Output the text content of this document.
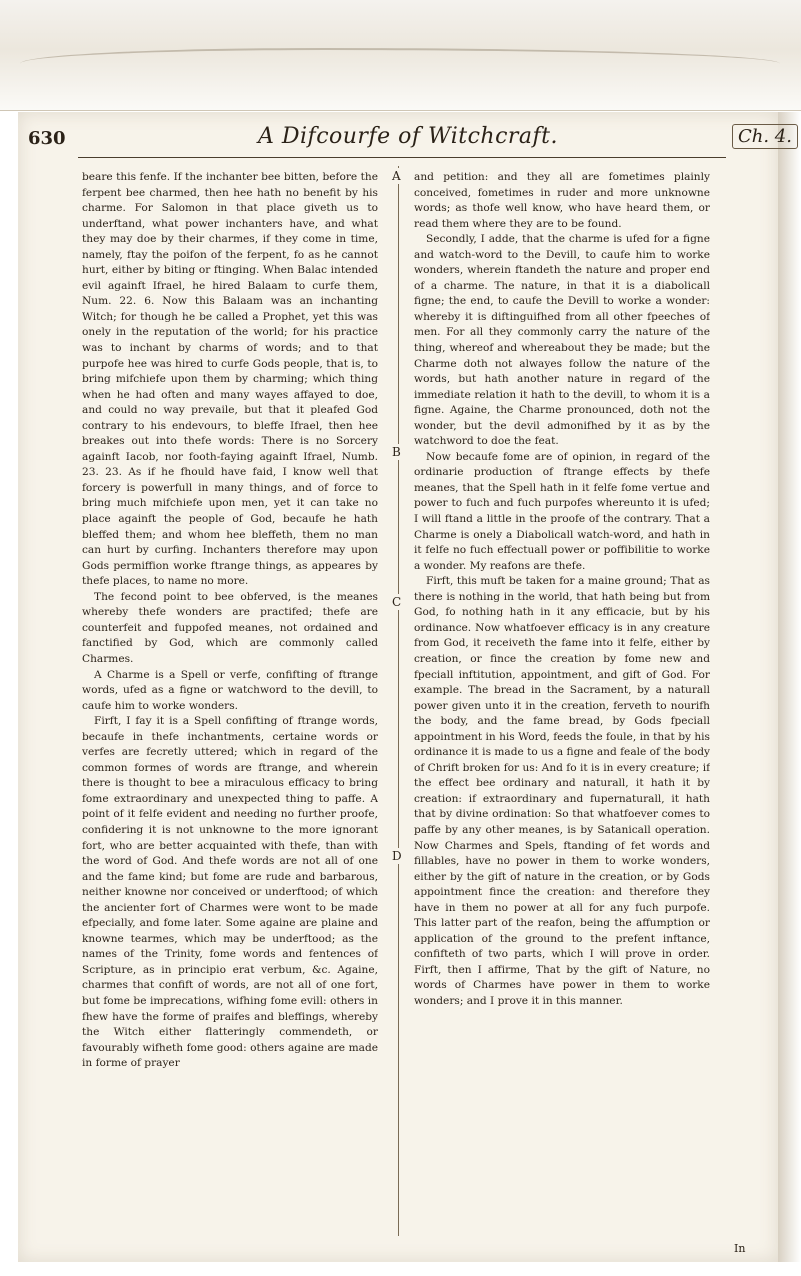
630	A Difcourfe of Witchcraft.	Ch. 4.

beare this fenfe. If the inchanter bee bitten, before the ferpent bee charmed, then hee hath no benefit by his charme. For Salomon in that place giveth us to underftand, what power inchanters have, and what they may doe by their charmes, if they come in time, namely, ftay the poifon of the ferpent, fo as he cannot hurt, either by biting or ftinging. When Balac intended evil againft Ifrael, he hired Balaam to curfe them, Num. 22. 6. Now this Balaam was an inchanting Witch; for though he be called a Prophet, yet this was onely in the reputation of the world; for his practice was to inchant by charms of words; and to that purpofe hee was hired to curfe Gods people, that is, to bring mifchiefe upon them by charming; which thing when he had often and many wayes affayed to doe, and could no way prevaile, but that it pleafed God contrary to his endevours, to bleffe Ifrael, then hee breakes out into thefe words: There is no Sorcery againft Iacob, nor footh-faying againft Ifrael, Numb. 23. 23. As if he fhould have faid, I know well that forcery is powerfull in many things, and of force to bring much mifchiefe upon men, yet it can take no place againft the people of God, becaufe he hath bleffed them; and whom hee bleffeth, them no man can hurt by curfing. Inchanters therefore may upon Gods permiffion worke ftrange things, as appeares by thefe places, to name no more.

The fecond point to bee obferved, is the meanes whereby thefe wonders are practifed; thefe are counterfeit and fuppofed meanes, not ordained and fanctified by God, which are commonly called Charmes.

A Charme is a Spell or verfe, confifting of ftrange words, ufed as a figne or watchword to the devill, to caufe him to worke wonders.

Firft, I fay it is a Spell confifting of ftrange words, becaufe in thefe inchantments, certaine words or verfes are fecretly uttered; which in regard of the common formes of words are ftrange, and wherein there is thought to bee a miraculous efficacy to bring fome extraordinary and unexpected thing to paffe. A point of it felfe evident and needing no further proofe, confidering it is not unknowne to the more ignorant fort, who are better acquainted with thefe, than with the word of God. And thefe words are not all of one and the fame kind; but fome are rude and barbarous, neither knowne nor conceived or underftood; of which the ancienter fort of Charmes were wont to be made efpecially, and fome later. Some againe are plaine and knowne tearmes, which may be underftood; as the names of the Trinity, fome words and fentences of Scripture, as in principio erat verbum, &c. Againe, charmes that confift of words, are not all of one fort, but fome be imprecations, wifhing fome evill: others in fhew have the forme of praifes and bleffings, whereby the Witch either flatteringly commendeth, or favourably wifheth fome good: others againe are made in forme of prayer

A
B
C
D

and petition: and they all are fometimes plainly conceived, fometimes in ruder and more unknowne words; as thofe well know, who have heard them, or read them where they are to be found.

Secondly, I adde, that the charme is ufed for a figne and watch-word to the Devill, to caufe him to worke wonders, wherein ftandeth the nature and proper end of a charme. The nature, in that it is a diabolicall figne; the end, to caufe the Devill to worke a wonder: whereby it is diftinguifhed from all other fpeeches of men. For all they commonly carry the nature of the thing, whereof and whereabout they be made; but the Charme doth not alwayes follow the nature of the words, but hath another nature in regard of the immediate relation it hath to the devill, to whom it is a figne. Againe, the Charme pronounced, doth not the wonder, but the devil admonifhed by it as by the watchword to doe the feat.

Now becaufe fome are of opinion, in regard of the ordinarie production of ftrange effects by thefe meanes, that the Spell hath in it felfe fome vertue and power to fuch and fuch purpofes whereunto it is ufed; I will ftand a little in the proofe of the contrary. That a Charme is onely a Diabolicall watch-word, and hath in it felfe no fuch effectuall power or poffibilitie to worke a wonder. My reafons are thefe.

Firft, this muft be taken for a maine ground; That as there is nothing in the world, that hath being but from God, fo nothing hath in it any efficacie, but by his ordinance. Now whatfoever efficacy is in any creature from God, it receiveth the fame into it felfe, either by creation, or fince the creation by fome new and fpeciall inftitution, appointment, and gift of God. For example. The bread in the Sacrament, by a naturall power given unto it in the creation, ferveth to nourifh the body, and the fame bread, by Gods fpeciall appointment in his Word, feeds the foule, in that by his ordinance it is made to us a figne and feale of the body of Chrift broken for us: And fo it is in every creature; if the effect bee ordinary and naturall, it hath it by creation: if extraordinary and fupernaturall, it hath that by divine ordination: So that whatfoever comes to paffe by any other meanes, is by Satanicall operation. Now Charmes and Spels, ftanding of fet words and fillables, have no power in them to worke wonders, either by the gift of nature in the creation, or by Gods appointment fince the creation: and therefore they have in them no power at all for any fuch purpofe. This latter part of the reafon, being the affumption or application of the ground to the prefent inftance, confifteth of two parts, which I will prove in order. Firft, then I affirme, That by the gift of Nature, no words of Charmes have power in them to worke wonders; and I prove it in this manner.

In
